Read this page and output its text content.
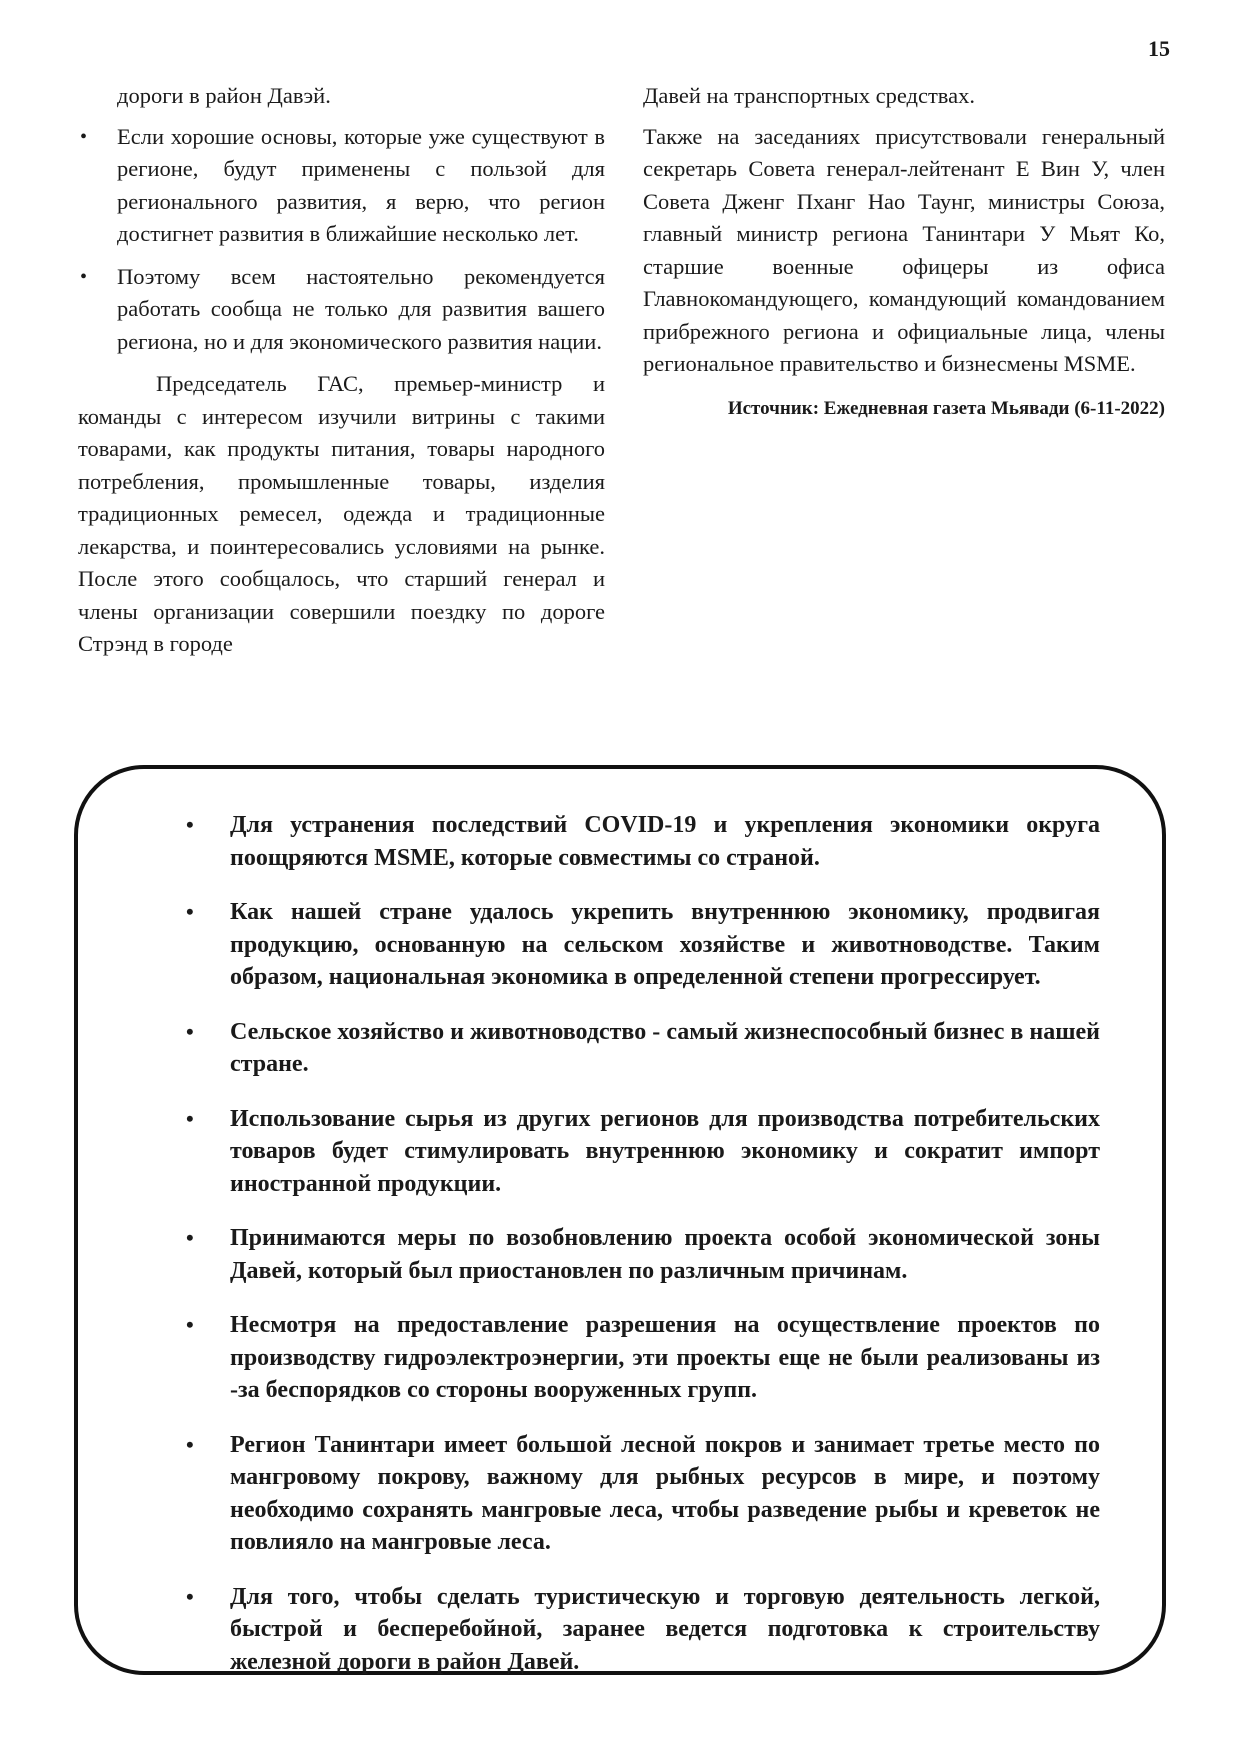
15

дороги в район Давэй.

• Если хорошие основы, которые уже существуют в регионе, будут применены с пользой для регионального развития, я верю, что регион достигнет развития в ближайшие несколько лет.
• Поэтому всем настоятельно рекомендуется работать сообща не только для развития вашего региона, но и для экономического развития нации.

Председатель ГАС, премьер-министр и команды с интересом изучили витрины с такими товарами, как продукты питания, товары народного потребления, промышленные товары, изделия традиционных ремесел, одежда и традиционные лекарства, и поинтересовались условиями на рынке. После этого сообщалось, что старший генерал и члены организации совершили поездку по дороге Стрэнд в городе

Давей на транспортных средствах.

Также на заседаниях присутствовали генеральный секретарь Совета генерал-лейтенант Е Вин У, член Совета Дженг Пханг Нао Таунг, министры Союза, главный министр региона Танинтари У Мьят Ко, старшие военные офицеры из офиса Главнокомандующего, командующий командованием прибрежного региона и официальные лица, члены региональное правительство и бизнесмены MSME.

Источник: Ежедневная газета Мьявади (6-11-2022)
• Для устранения последствий COVID-19 и укрепления экономики округа поощряются MSME, которые совместимы со страной.
• Как нашей стране удалось укрепить внутреннюю экономику, продвигая продукцию, основанную на сельском хозяйстве и животноводстве. Таким образом, национальная экономика в определенной степени прогрессирует.
• Сельское хозяйство и животноводство - самый жизнеспособный бизнес в нашей стране.
• Использование сырья из других регионов для производства потребительских товаров будет стимулировать внутреннюю экономику и сократит импорт иностранной продукции.
• Принимаются меры по возобновлению проекта особой экономической зоны Давей, который был приостановлен по различным причинам.
• Несмотря на предоставление разрешения на осуществление проектов по производству гидроэлектроэнергии, эти проекты еще не были реализованы из -за беспорядков со стороны вооруженных групп.
• Регион Танинтари имеет большой лесной покров и занимает третье место по мангровому покрову, важному для рыбных ресурсов в мире, и поэтому необходимо сохранять мангровые леса, чтобы разведение рыбы и креветок не повлияло на мангровые леса.
• Для того, чтобы сделать туристическую и торговую деятельность легкой, быстрой и бесперебойной, заранее ведется подготовка к строительству железной дороги в район Давей.
